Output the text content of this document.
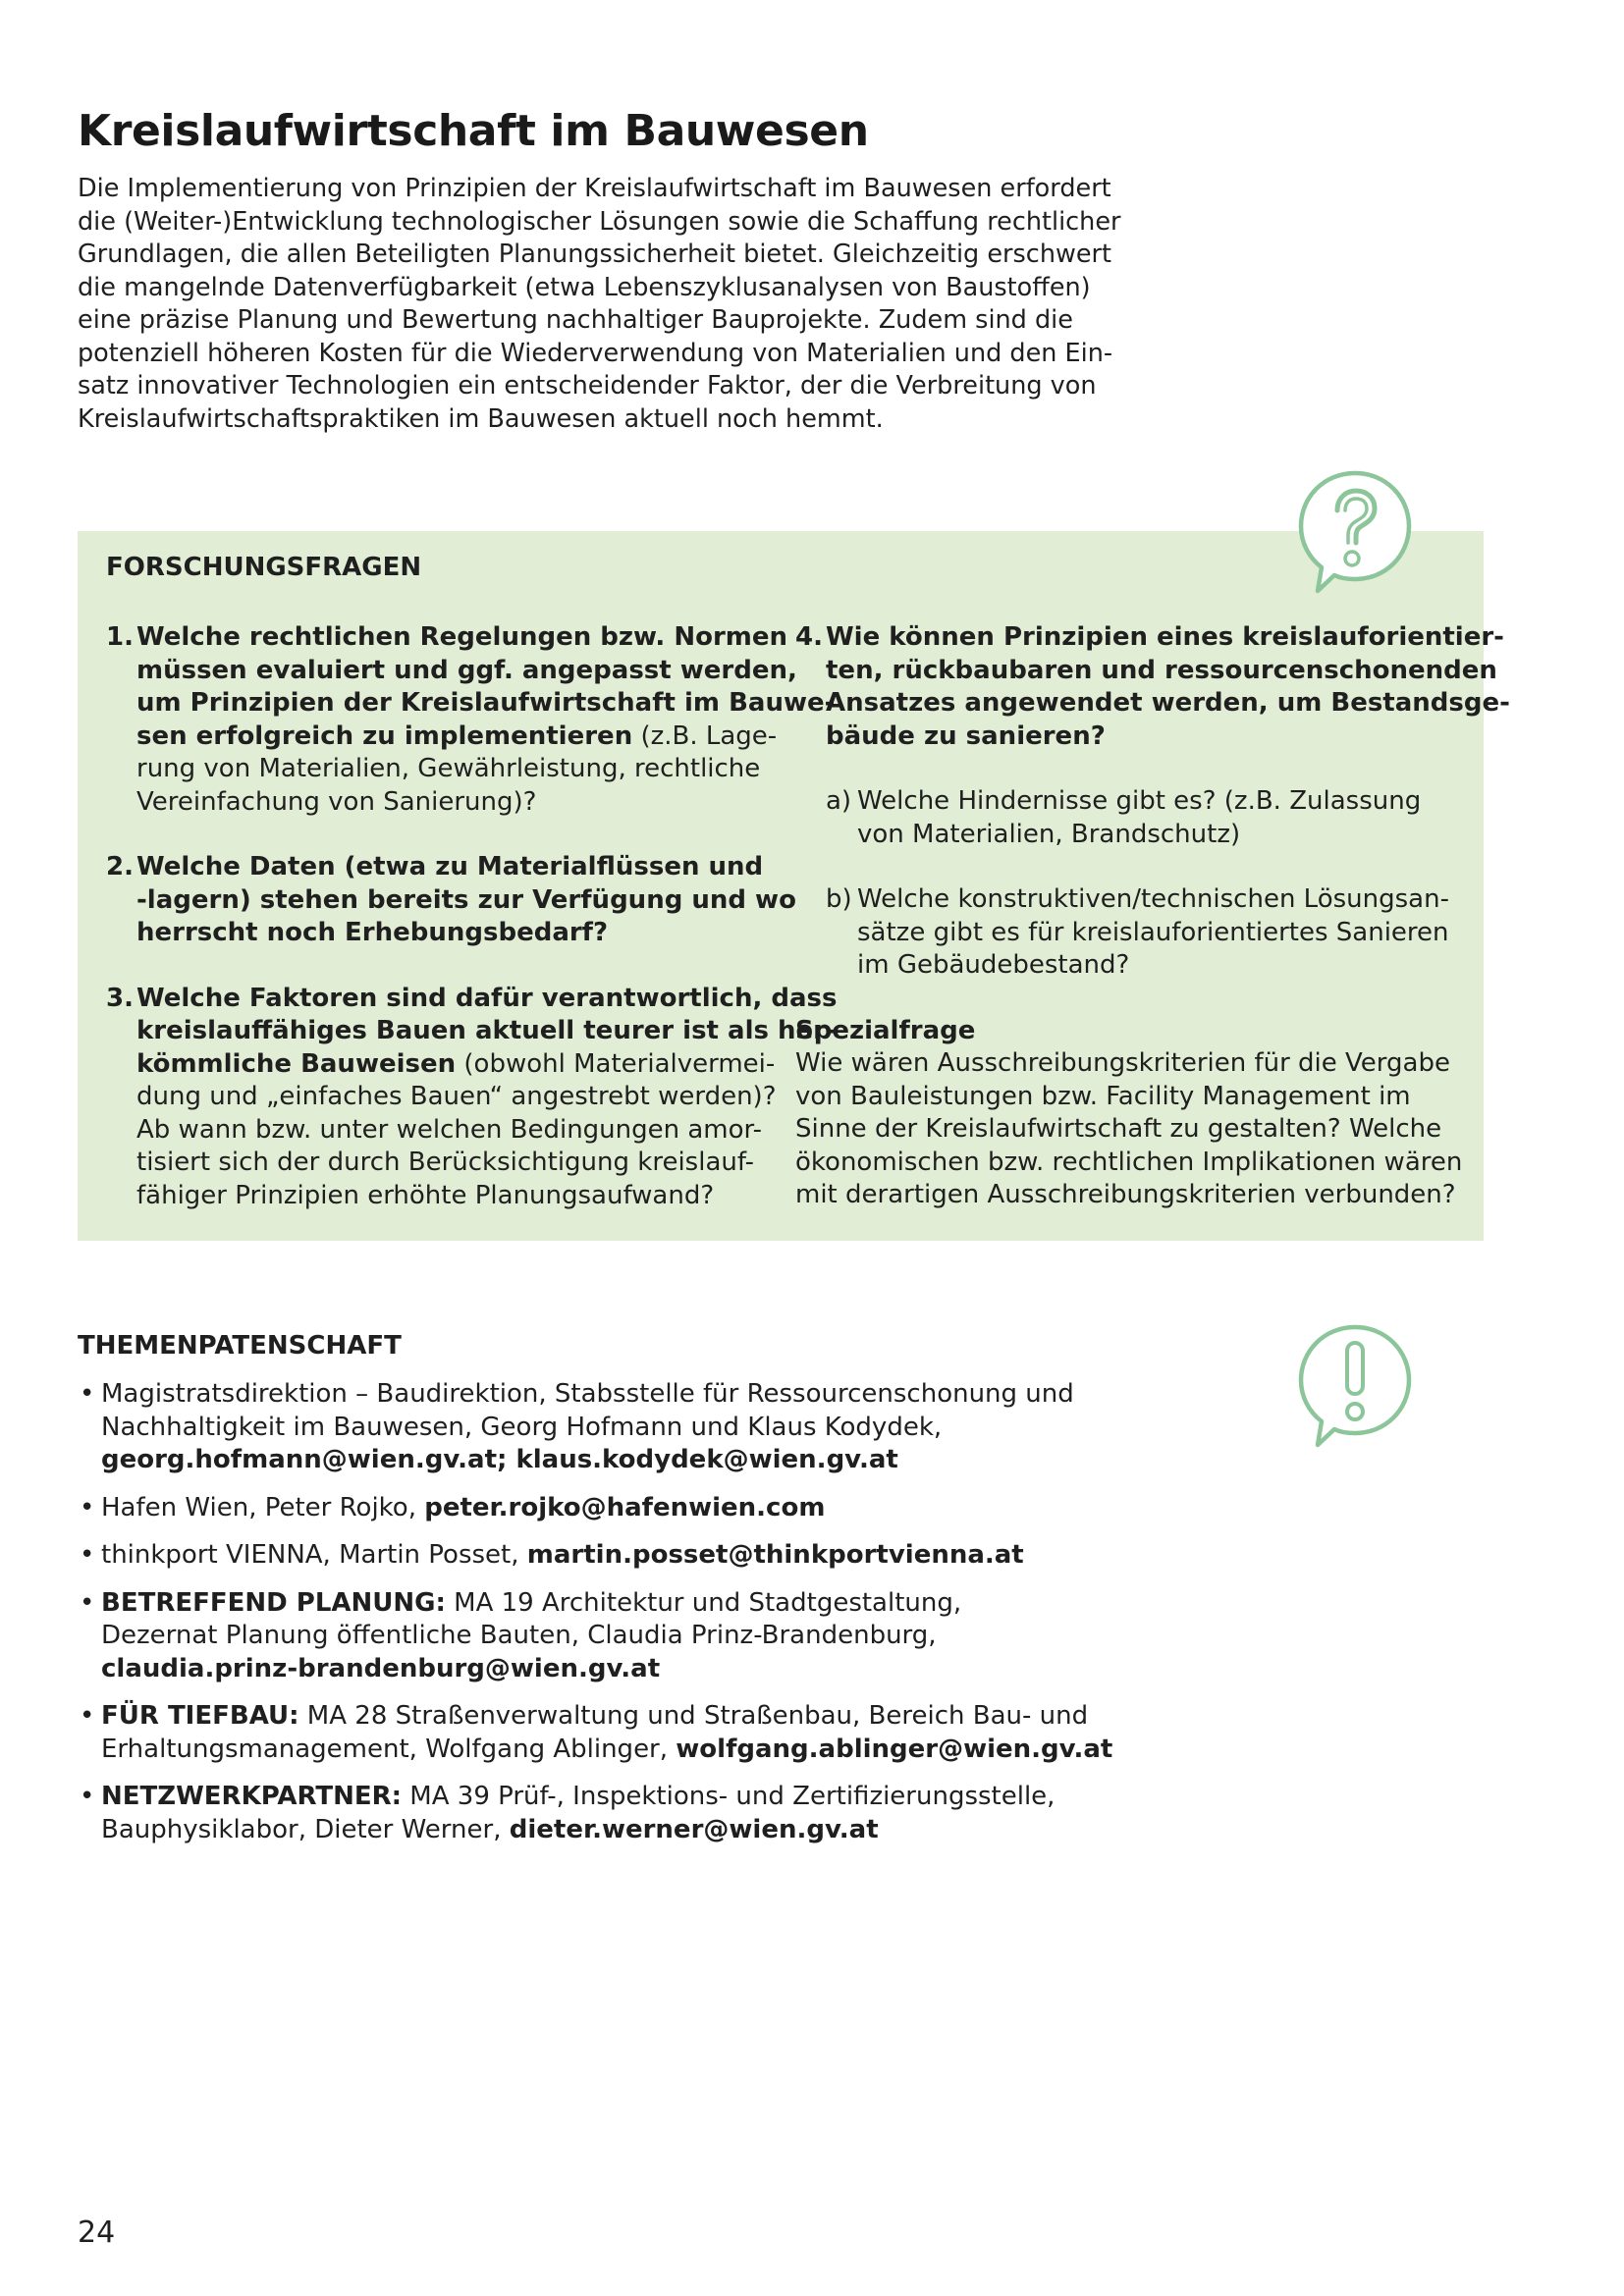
Kreislaufwirtschaft im Bauwesen

Die Implementierung von Prinzipien der Kreislaufwirtschaft im Bauwesen erfordert
die (Weiter-)Entwicklung technologischer Lösungen sowie die Schaffung rechtlicher
Grundlagen, die allen Beteiligten Planungssicherheit bietet. Gleichzeitig erschwert
die mangelnde Datenverfügbarkeit (etwa Lebenszyklusanalysen von Baustoffen)
eine präzise Planung und Bewertung nachhaltiger Bauprojekte. Zudem sind die
potenziell höheren Kosten für die Wiederverwendung von Materialien und den Ein-
satz innovativer Technologien ein entscheidender Faktor, der die Verbreitung von
Kreislaufwirtschaftspraktiken im Bauwesen aktuell noch hemmt.

FORSCHUNGSFRAGEN
1. Welche rechtlichen Regelungen bzw. Normen
müssen evaluiert und ggf. angepasst werden,
um Prinzipien der Kreislaufwirtschaft im Bauwe-
sen erfolgreich zu implementieren (z.B. Lage-
rung von Materialien, Gewährleistung, rechtliche
Vereinfachung von Sanierung)?
2. Welche Daten (etwa zu Materialflüssen und
-lagern) stehen bereits zur Verfügung und wo
herrscht noch Erhebungsbedarf?
3. Welche Faktoren sind dafür verantwortlich, dass
kreislauffähiges Bauen aktuell teurer ist als her-
kömmliche Bauweisen (obwohl Materialvermei-
dung und „einfaches Bauen“ angestrebt werden)?
Ab wann bzw. unter welchen Bedingungen amor-
tisiert sich der durch Berücksichtigung kreislauf-
fähiger Prinzipien erhöhte Planungsaufwand?
4. Wie können Prinzipien eines kreislauforientier-
ten, rückbaubaren und ressourcenschonenden
Ansatzes angewendet werden, um Bestandsge-
bäude zu sanieren?
a) Welche Hindernisse gibt es? (z.B. Zulassung
von Materialien, Brandschutz)
b) Welche konstruktiven/technischen Lösungsan-
sätze gibt es für kreislauforientiertes Sanieren
im Gebäudebestand?
Spezialfrage
Wie wären Ausschreibungskriterien für die Vergabe
von Bauleistungen bzw. Facility Management im
Sinne der Kreislaufwirtschaft zu gestalten? Welche
ökonomischen bzw. rechtlichen Implikationen wären
mit derartigen Ausschreibungskriterien verbunden?
THEMENPATENSCHAFT
• Magistratsdirektion – Baudirektion, Stabsstelle für Ressourcenschonung und
Nachhaltigkeit im Bauwesen, Georg Hofmann und Klaus Kodydek,
georg.hofmann@wien.gv.at; klaus.kodydek@wien.gv.at
• Hafen Wien, Peter Rojko, peter.rojko@hafenwien.com
• thinkport VIENNA, Martin Posset, martin.posset@thinkportvienna.at
• BETREFFEND PLANUNG: MA 19 Architektur und Stadtgestaltung,
Dezernat Planung öffentliche Bauten, Claudia Prinz-Brandenburg,
claudia.prinz-brandenburg@wien.gv.at
• FÜR TIEFBAU: MA 28 Straßenverwaltung und Straßenbau, Bereich Bau- und
Erhaltungsmanagement, Wolfgang Ablinger, wolfgang.ablinger@wien.gv.at
• NETZWERKPARTNER: MA 39 Prüf-, Inspektions- und Zertifizierungsstelle,
Bauphysiklabor, Dieter Werner, dieter.werner@wien.gv.at

24
